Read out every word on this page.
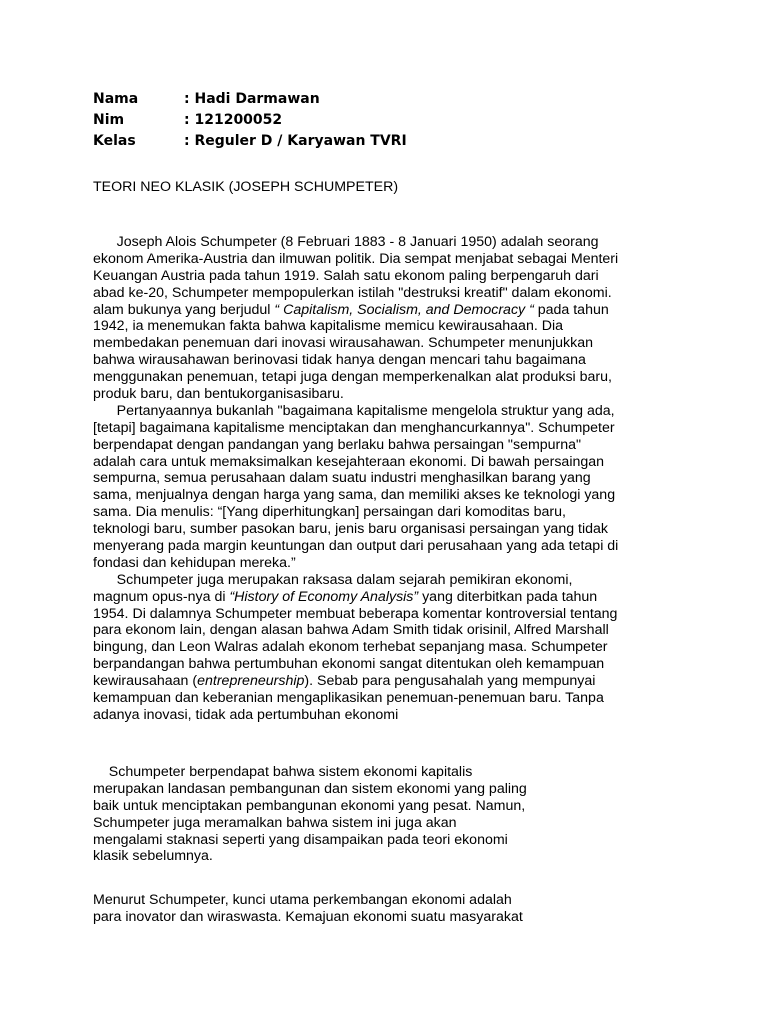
Nama	: Hadi Darmawan
Nim	: 121200052
Kelas	: Reguler D / Karyawan TVRI
TEORI NEO KLASIK (JOSEPH SCHUMPETER)

Joseph Alois Schumpeter (8 Februari 1883 - 8 Januari 1950) adalah seorang
ekonom Amerika-Austria dan ilmuwan politik. Dia sempat menjabat sebagai Menteri
Keuangan Austria pada tahun 1919. Salah satu ekonom paling berpengaruh dari
abad ke-20, Schumpeter mempopulerkan istilah "destruksi kreatif" dalam ekonomi.
alam bukunya yang berjudul “ Capitalism, Socialism, and Democracy “ pada tahun
1942, ia menemukan fakta bahwa kapitalisme memicu kewirausahaan. Dia
membedakan penemuan dari inovasi wirausahawan. Schumpeter menunjukkan
bahwa wirausahawan berinovasi tidak hanya dengan mencari tahu bagaimana
menggunakan penemuan, tetapi juga dengan memperkenalkan alat produksi baru,
produk baru, dan bentukorganisasibaru.
Pertanyaannya bukanlah "bagaimana kapitalisme mengelola struktur yang ada,
[tetapi] bagaimana kapitalisme menciptakan dan menghancurkannya". Schumpeter
berpendapat dengan pandangan yang berlaku bahwa persaingan "sempurna"
adalah cara untuk memaksimalkan kesejahteraan ekonomi. Di bawah persaingan
sempurna, semua perusahaan dalam suatu industri menghasilkan barang yang
sama, menjualnya dengan harga yang sama, dan memiliki akses ke teknologi yang
sama. Dia menulis: “[Yang diperhitungkan] persaingan dari komoditas baru,
teknologi baru, sumber pasokan baru, jenis baru organisasi persaingan yang tidak
menyerang pada margin keuntungan dan output dari perusahaan yang ada tetapi di
fondasi dan kehidupan mereka.”
Schumpeter juga merupakan raksasa dalam sejarah pemikiran ekonomi,
magnum opus-nya di “History of Economy Analysis” yang diterbitkan pada tahun
1954. Di dalamnya Schumpeter membuat beberapa komentar kontroversial tentang
para ekonom lain, dengan alasan bahwa Adam Smith tidak orisinil, Alfred Marshall
bingung, dan Leon Walras adalah ekonom terhebat sepanjang masa. Schumpeter
berpandangan bahwa pertumbuhan ekonomi sangat ditentukan oleh kemampuan
kewirausahaan (entrepreneurship). Sebab para pengusahalah yang mempunyai
kemampuan dan keberanian mengaplikasikan penemuan-penemuan baru. Tanpa
adanya inovasi, tidak ada pertumbuhan ekonomi

Schumpeter berpendapat bahwa sistem ekonomi kapitalis
merupakan landasan pembangunan dan sistem ekonomi yang paling
baik untuk menciptakan pembangunan ekonomi yang pesat. Namun,
Schumpeter juga meramalkan bahwa sistem ini juga akan
mengalami staknasi seperti yang disampaikan pada teori ekonomi
klasik sebelumnya.

Menurut Schumpeter, kunci utama perkembangan ekonomi adalah
para inovator dan wiraswasta. Kemajuan ekonomi suatu masyarakat
